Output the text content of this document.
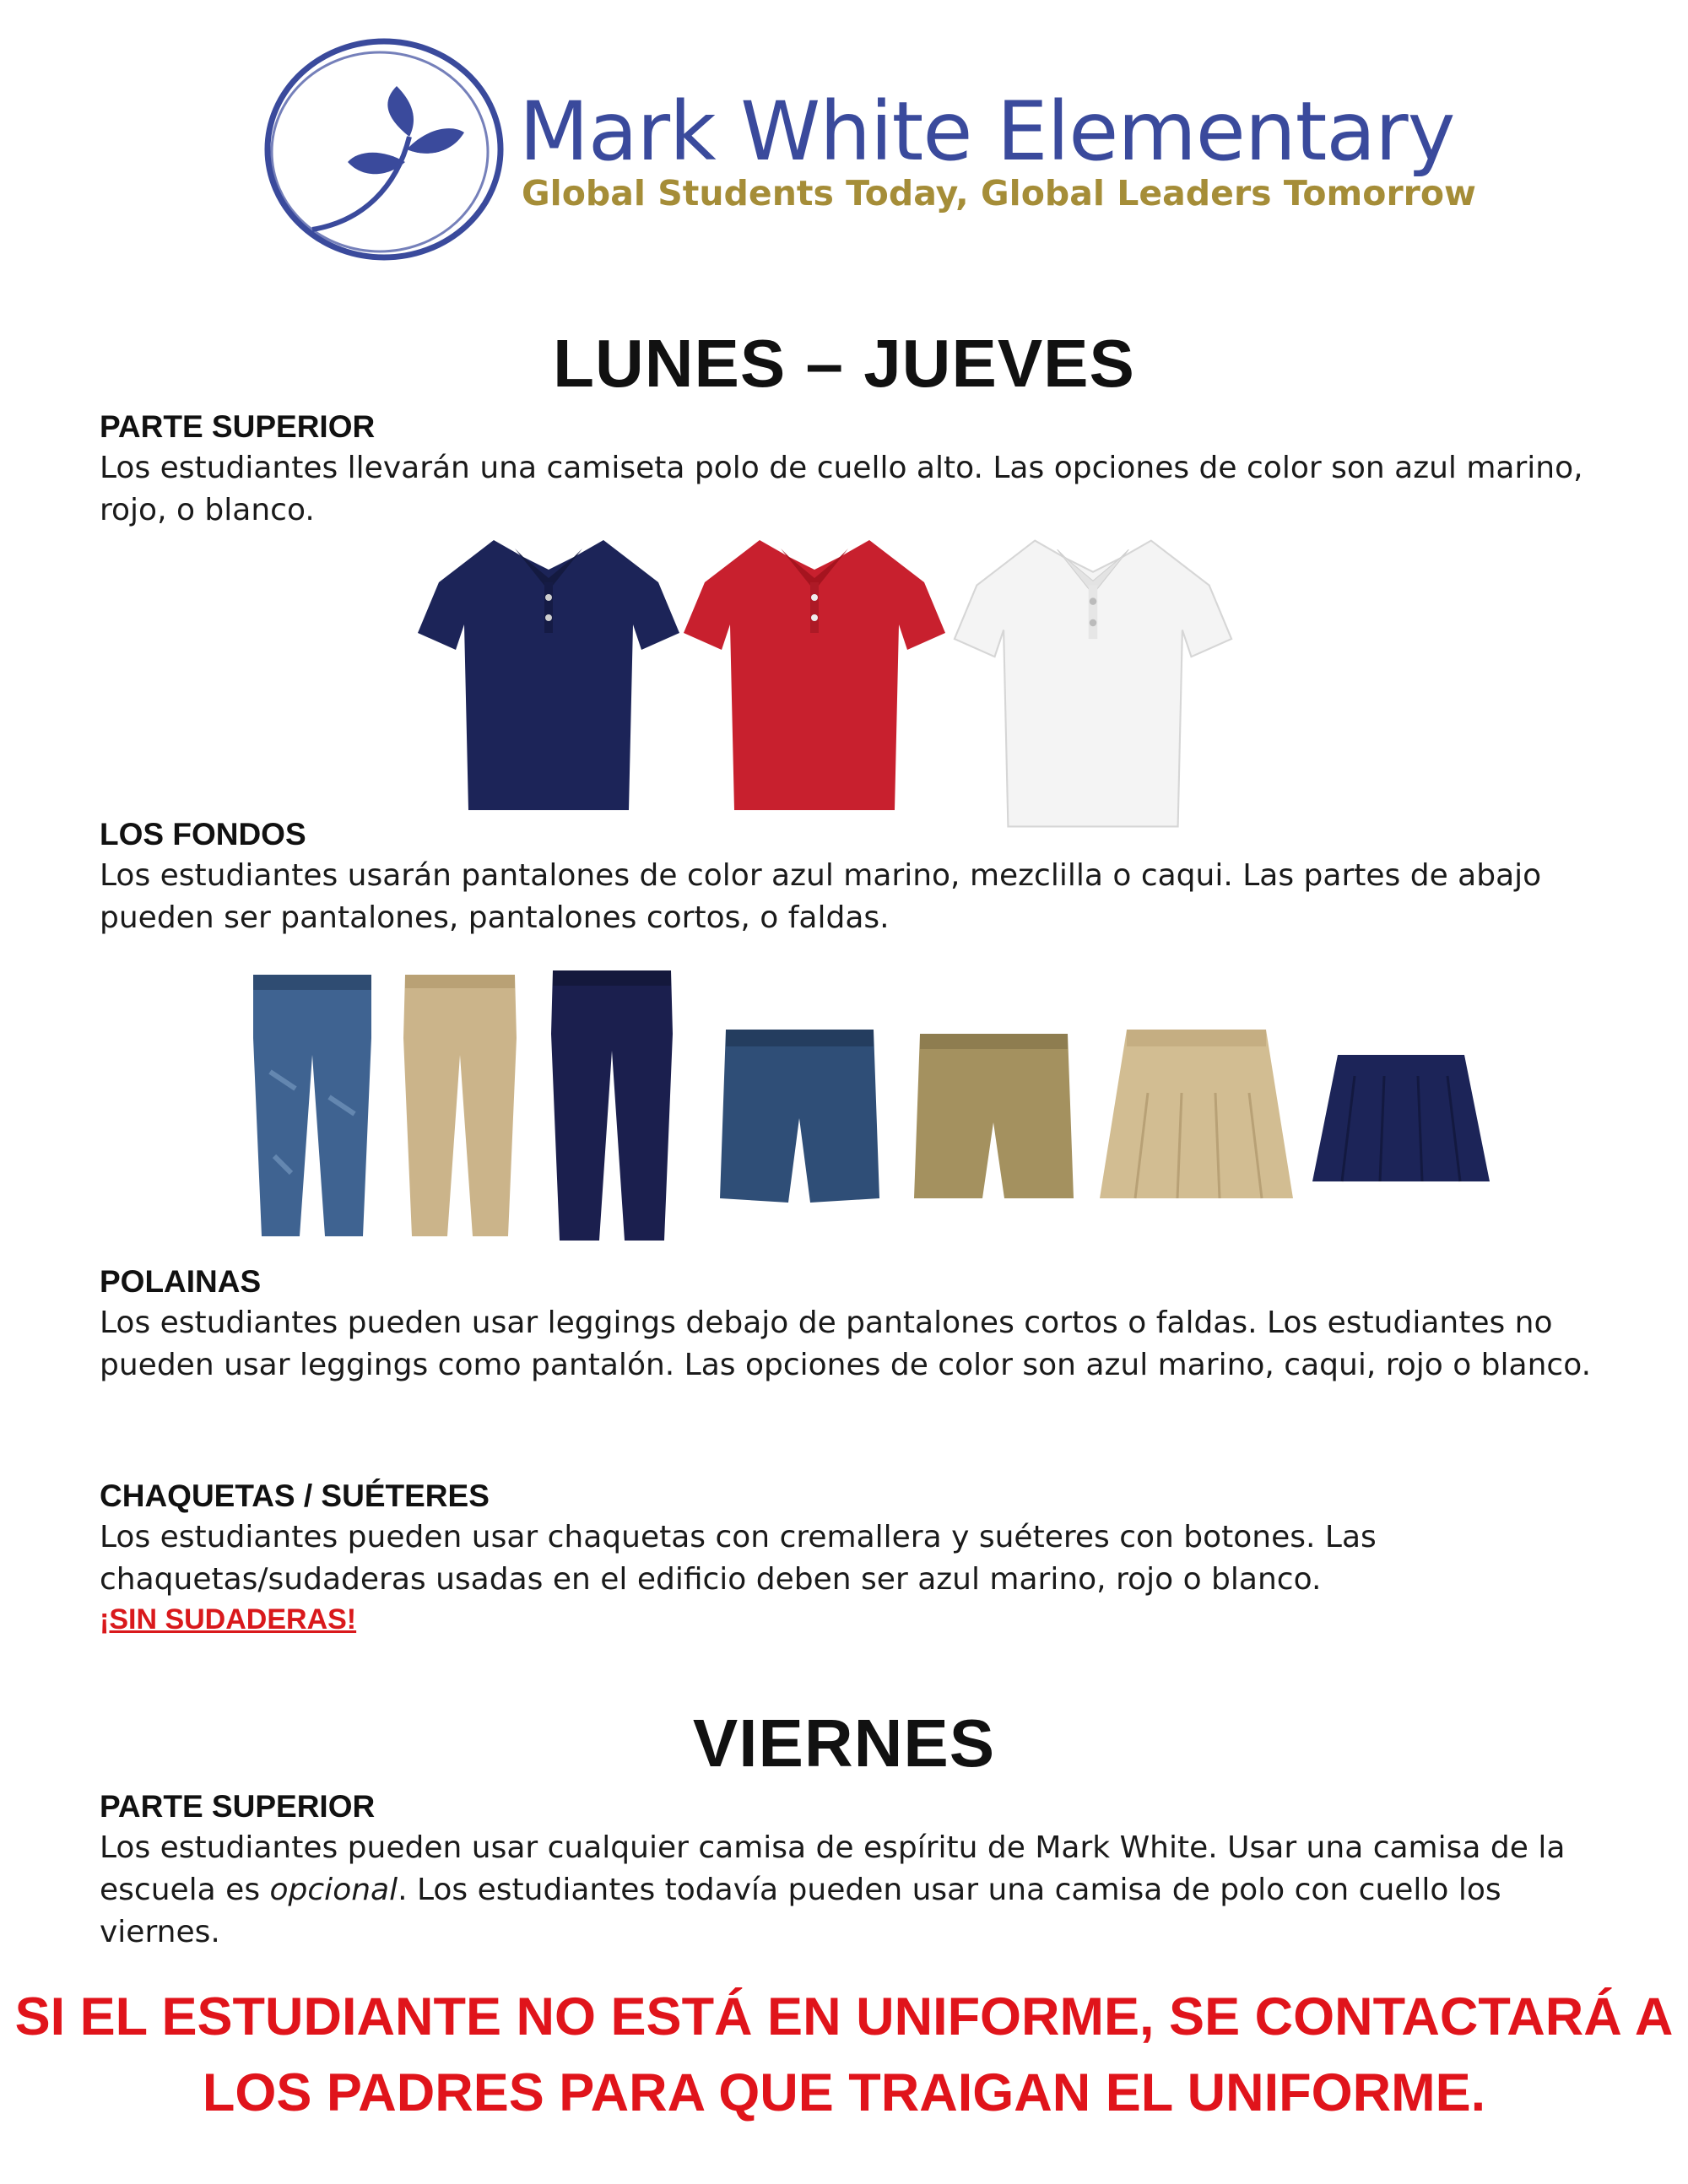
Mark White Elementary
Global Students Today, Global Leaders Tomorrow
LUNES – JUEVES
PARTE SUPERIOR
Los estudiantes llevarán una camiseta polo de cuello alto. Las opciones de color son azul marino, rojo, o blanco.
LOS FONDOS
Los estudiantes usarán pantalones de color azul marino, mezclilla o caqui. Las partes de abajo pueden ser pantalones, pantalones cortos, o faldas.
POLAINAS
Los estudiantes pueden usar leggings debajo de pantalones cortos o faldas. Los estudiantes no pueden usar leggings como pantalón. Las opciones de color son azul marino, caqui, rojo o blanco.
CHAQUETAS / SUÉTERES
Los estudiantes pueden usar chaquetas con cremallera y suéteres con botones. Las chaquetas/sudaderas usadas en el edificio deben ser azul marino, rojo o blanco.
¡SIN SUDADERAS!
VIERNES
PARTE SUPERIOR
Los estudiantes pueden usar cualquier camisa de espíritu de Mark White. Usar una camisa de la escuela es opcional. Los estudiantes todavía pueden usar una camisa de polo con cuello los viernes.
SI EL ESTUDIANTE NO ESTÁ EN UNIFORME, SE CONTACTARÁ A LOS PADRES PARA QUE TRAIGAN EL UNIFORME.
